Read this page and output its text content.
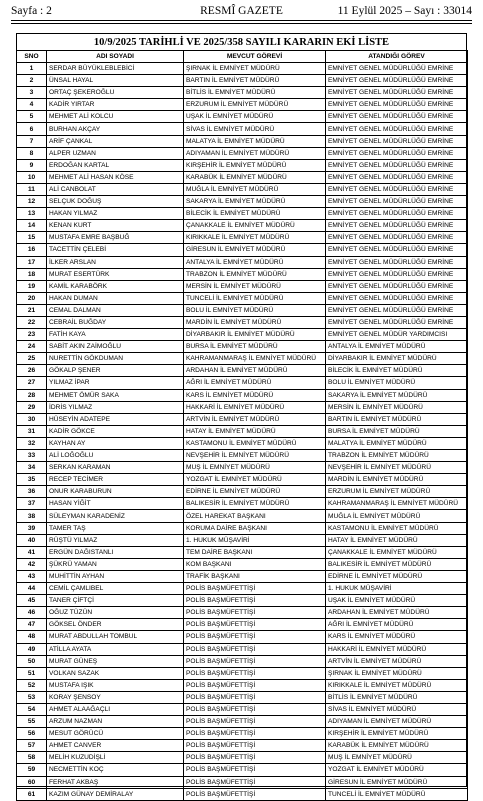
Sayfa : 2	RESMÎ GAZETE	11 Eylül 2025 – Sayı : 33014
10/9/2025 TARİHLİ VE 2025/358 SAYILI KARARIN EKİ LİSTE
SNO	ADI SOYADI	MEVCUT GÖREVİ	ATANDIĞI GÖREV
1	SERDAR BÜYÜKLEBLEBİCİ	ŞIRNAK İL EMNİYET MÜDÜRÜ	EMNİYET GENEL MÜDÜRLÜĞÜ EMRİNE
2	ÜNSAL HAYAL	BARTIN İL EMNİYET MÜDÜRÜ	EMNİYET GENEL MÜDÜRLÜĞÜ EMRİNE
3	ORTAÇ ŞEKEROĞLU	BİTLİS İL EMNİYET MÜDÜRÜ	EMNİYET GENEL MÜDÜRLÜĞÜ EMRİNE
4	KADİR YIRTAR	ERZURUM İL EMNİYET MÜDÜRÜ	EMNİYET GENEL MÜDÜRLÜĞÜ EMRİNE
5	MEHMET ALİ KOLCU	UŞAK İL EMNİYET MÜDÜRÜ	EMNİYET GENEL MÜDÜRLÜĞÜ EMRİNE
6	BURHAN AKÇAY	SİVAS İL EMNİYET MÜDÜRÜ	EMNİYET GENEL MÜDÜRLÜĞÜ EMRİNE
7	ARİF ÇANKAL	MALATYA İL EMNİYET MÜDÜRÜ	EMNİYET GENEL MÜDÜRLÜĞÜ EMRİNE
8	ALPER UZMAN	ADIYAMAN İL EMNİYET MÜDÜRÜ	EMNİYET GENEL MÜDÜRLÜĞÜ EMRİNE
9	ERDOĞAN KARTAL	KIRŞEHİR İL EMNİYET MÜDÜRÜ	EMNİYET GENEL MÜDÜRLÜĞÜ EMRİNE
10	MEHMET ALİ HASAN KÖSE	KARABÜK İL EMNİYET MÜDÜRÜ	EMNİYET GENEL MÜDÜRLÜĞÜ EMRİNE
11	ALİ CANBOLAT	MUĞLA İL EMNİYET MÜDÜRÜ	EMNİYET GENEL MÜDÜRLÜĞÜ EMRİNE
12	SELÇUK DOĞUŞ	SAKARYA İL EMNİYET MÜDÜRÜ	EMNİYET GENEL MÜDÜRLÜĞÜ EMRİNE
13	HAKAN YILMAZ	BİLECİK İL EMNİYET MÜDÜRÜ	EMNİYET GENEL MÜDÜRLÜĞÜ EMRİNE
14	KENAN KURT	ÇANAKKALE İL EMNİYET MÜDÜRÜ	EMNİYET GENEL MÜDÜRLÜĞÜ EMRİNE
15	MUSTAFA EMRE BAŞBUĞ	KIRIKKALE İL EMNİYET MÜDÜRÜ	EMNİYET GENEL MÜDÜRLÜĞÜ EMRİNE
16	TACETTİN ÇELEBİ	GİRESUN İL EMNİYET MÜDÜRÜ	EMNİYET GENEL MÜDÜRLÜĞÜ EMRİNE
17	İLKER ARSLAN	ANTALYA İL EMNİYET MÜDÜRÜ	EMNİYET GENEL MÜDÜRLÜĞÜ EMRİNE
18	MURAT ESERTÜRK	TRABZON İL EMNİYET MÜDÜRÜ	EMNİYET GENEL MÜDÜRLÜĞÜ EMRİNE
19	KAMİL KARABÖRK	MERSİN İL EMNİYET MÜDÜRÜ	EMNİYET GENEL MÜDÜRLÜĞÜ EMRİNE
20	HAKAN DUMAN	TUNCELİ İL EMNİYET MÜDÜRÜ	EMNİYET GENEL MÜDÜRLÜĞÜ EMRİNE
21	CEMAL DALMAN	BOLU İL EMNİYET MÜDÜRÜ	EMNİYET GENEL MÜDÜRLÜĞÜ EMRİNE
22	CEBRAİL BUĞDAY	MARDİN İL EMNİYET MÜDÜRÜ	EMNİYET GENEL MÜDÜRLÜĞÜ EMRİNE
23	FATİH KAYA	DİYARBAKIR İL EMNİYET MÜDÜRÜ	EMNİYET GENEL MÜDÜR YARDIMCISI
24	SABİT AKIN ZAİMOĞLU	BURSA İL EMNİYET MÜDÜRÜ	ANTALYA İL EMNİYET MÜDÜRÜ
25	NURETTİN GÖKDUMAN	KAHRAMANMARAŞ İL EMNİYET MÜDÜRÜ	DİYARBAKIR İL EMNİYET MÜDÜRÜ
26	GÖKALP ŞENER	ARDAHAN İL EMNİYET MÜDÜRÜ	BİLECİK İL EMNİYET MÜDÜRÜ
27	YILMAZ İPAR	AĞRI İL EMNİYET MÜDÜRÜ	BOLU İL EMNİYET MÜDÜRÜ
28	MEHMET ÖMÜR SAKA	KARS İL EMNİYET MÜDÜRÜ	SAKARYA İL EMNİYET MÜDÜRÜ
29	İDRİS YILMAZ	HAKKARİ İL EMNİYET MÜDÜRÜ	MERSİN İL EMNİYET MÜDÜRÜ
30	HÜSEYİN ADATEPE	ARTVİN İL EMNİYET MÜDÜRÜ	BARTIN İL EMNİYET MÜDÜRÜ
31	KADİR GÖKCE	HATAY İL EMNİYET MÜDÜRÜ	BURSA İL EMNİYET MÜDÜRÜ
32	KAYHAN AY	KASTAMONU İL EMNİYET MÜDÜRÜ	MALATYA İL EMNİYET MÜDÜRÜ
33	ALİ LOĞOĞLU	NEVŞEHİR İL EMNİYET MÜDÜRÜ	TRABZON İL EMNİYET MÜDÜRÜ
34	SERKAN KARAMAN	MUŞ İL EMNİYET MÜDÜRÜ	NEVŞEHİR İL EMNİYET MÜDÜRÜ
35	RECEP TECİMER	YOZGAT İL EMNİYET MÜDÜRÜ	MARDİN İL EMNİYET MÜDÜRÜ
36	ONUR KARABURUN	EDİRNE İL EMNİYET MÜDÜRÜ	ERZURUM İL EMNİYET MÜDÜRÜ
37	HASAN YİĞİT	BALIKESİR İL EMNİYET MÜDÜRÜ	KAHRAMANMARAŞ İL EMNİYET MÜDÜRÜ
38	SÜLEYMAN KARADENİZ	ÖZEL HAREKAT BAŞKANI	MUĞLA İL EMNİYET MÜDÜRÜ
39	TAMER TAŞ	KORUMA DAİRE BAŞKANI	KASTAMONU İL EMNİYET MÜDÜRÜ
40	RÜŞTÜ YILMAZ	1. HUKUK MÜŞAVİRİ	HATAY İL EMNİYET MÜDÜRÜ
41	ERGÜN DAĞISTANLI	TEM DAİRE BAŞKANI	ÇANAKKALE İL EMNİYET MÜDÜRÜ
42	ŞÜKRÜ YAMAN	KOM BAŞKANI	BALIKESİR İL EMNİYET MÜDÜRÜ
43	MUHİTTİN AYHAN	TRAFİK BAŞKANI	EDİRNE İL EMNİYET MÜDÜRÜ
44	CEMİL ÇAMLIBEL	POLİS BAŞMÜFETTİŞİ	1. HUKUK MÜŞAVİRİ
45	TANER ÇİFTÇİ	POLİS BAŞMÜFETTİŞİ	UŞAK İL EMNİYET MÜDÜRÜ
46	OĞUZ TÜZÜN	POLİS BAŞMÜFETTİŞİ	ARDAHAN İL EMNİYET MÜDÜRÜ
47	GÖKSEL ÖNDER	POLİS BAŞMÜFETTİŞİ	AĞRI İL EMNİYET MÜDÜRÜ
48	MURAT ABDULLAH TOMBUL	POLİS BAŞMÜFETTİŞİ	KARS İL EMNİYET MÜDÜRÜ
49	ATİLLA AYATA	POLİS BAŞMÜFETTİŞİ	HAKKARİ İL EMNİYET MÜDÜRÜ
50	MURAT GÜNEŞ	POLİS BAŞMÜFETTİŞİ	ARTVİN İL EMNİYET MÜDÜRÜ
51	VOLKAN SAZAK	POLİS BAŞMÜFETTİŞİ	ŞIRNAK İL EMNİYET MÜDÜRÜ
52	MUSTAFA IŞIK	POLİS BAŞMÜFETTİŞİ	KIRIKKALE İL EMNİYET MÜDÜRÜ
53	KORAY ŞENSOY	POLİS BAŞMÜFETTİŞİ	BİTLİS İL EMNİYET MÜDÜRÜ
54	AHMET ALAAĞAÇLI	POLİS BAŞMÜFETTİŞİ	SİVAS İL EMNİYET MÜDÜRÜ
55	ARZUM NAZMAN	POLİS BAŞMÜFETTİŞİ	ADIYAMAN İL EMNİYET MÜDÜRÜ
56	MESUT GÖRÜCÜ	POLİS BAŞMÜFETTİŞİ	KIRŞEHİR İL EMNİYET MÜDÜRÜ
57	AHMET CANVER	POLİS BAŞMÜFETTİŞİ	KARABÜK İL EMNİYET MÜDÜRÜ
58	MELİH KUZUDİŞLİ	POLİS BAŞMÜFETTİŞİ	MUŞ İL EMNİYET MÜDÜRÜ
59	NECMETTİN KOÇ	POLİS BAŞMÜFETTİŞİ	YOZGAT İL EMNİYET MÜDÜRÜ
60	FERHAT AKBAŞ	POLİS BAŞMÜFETTİŞİ	GİRESUN İL EMNİYET MÜDÜRÜ
61	KAZIM GÜNAY DEMİRALAY	POLİS BAŞMÜFETTİŞİ	TUNCELİ İL EMNİYET MÜDÜRÜ
